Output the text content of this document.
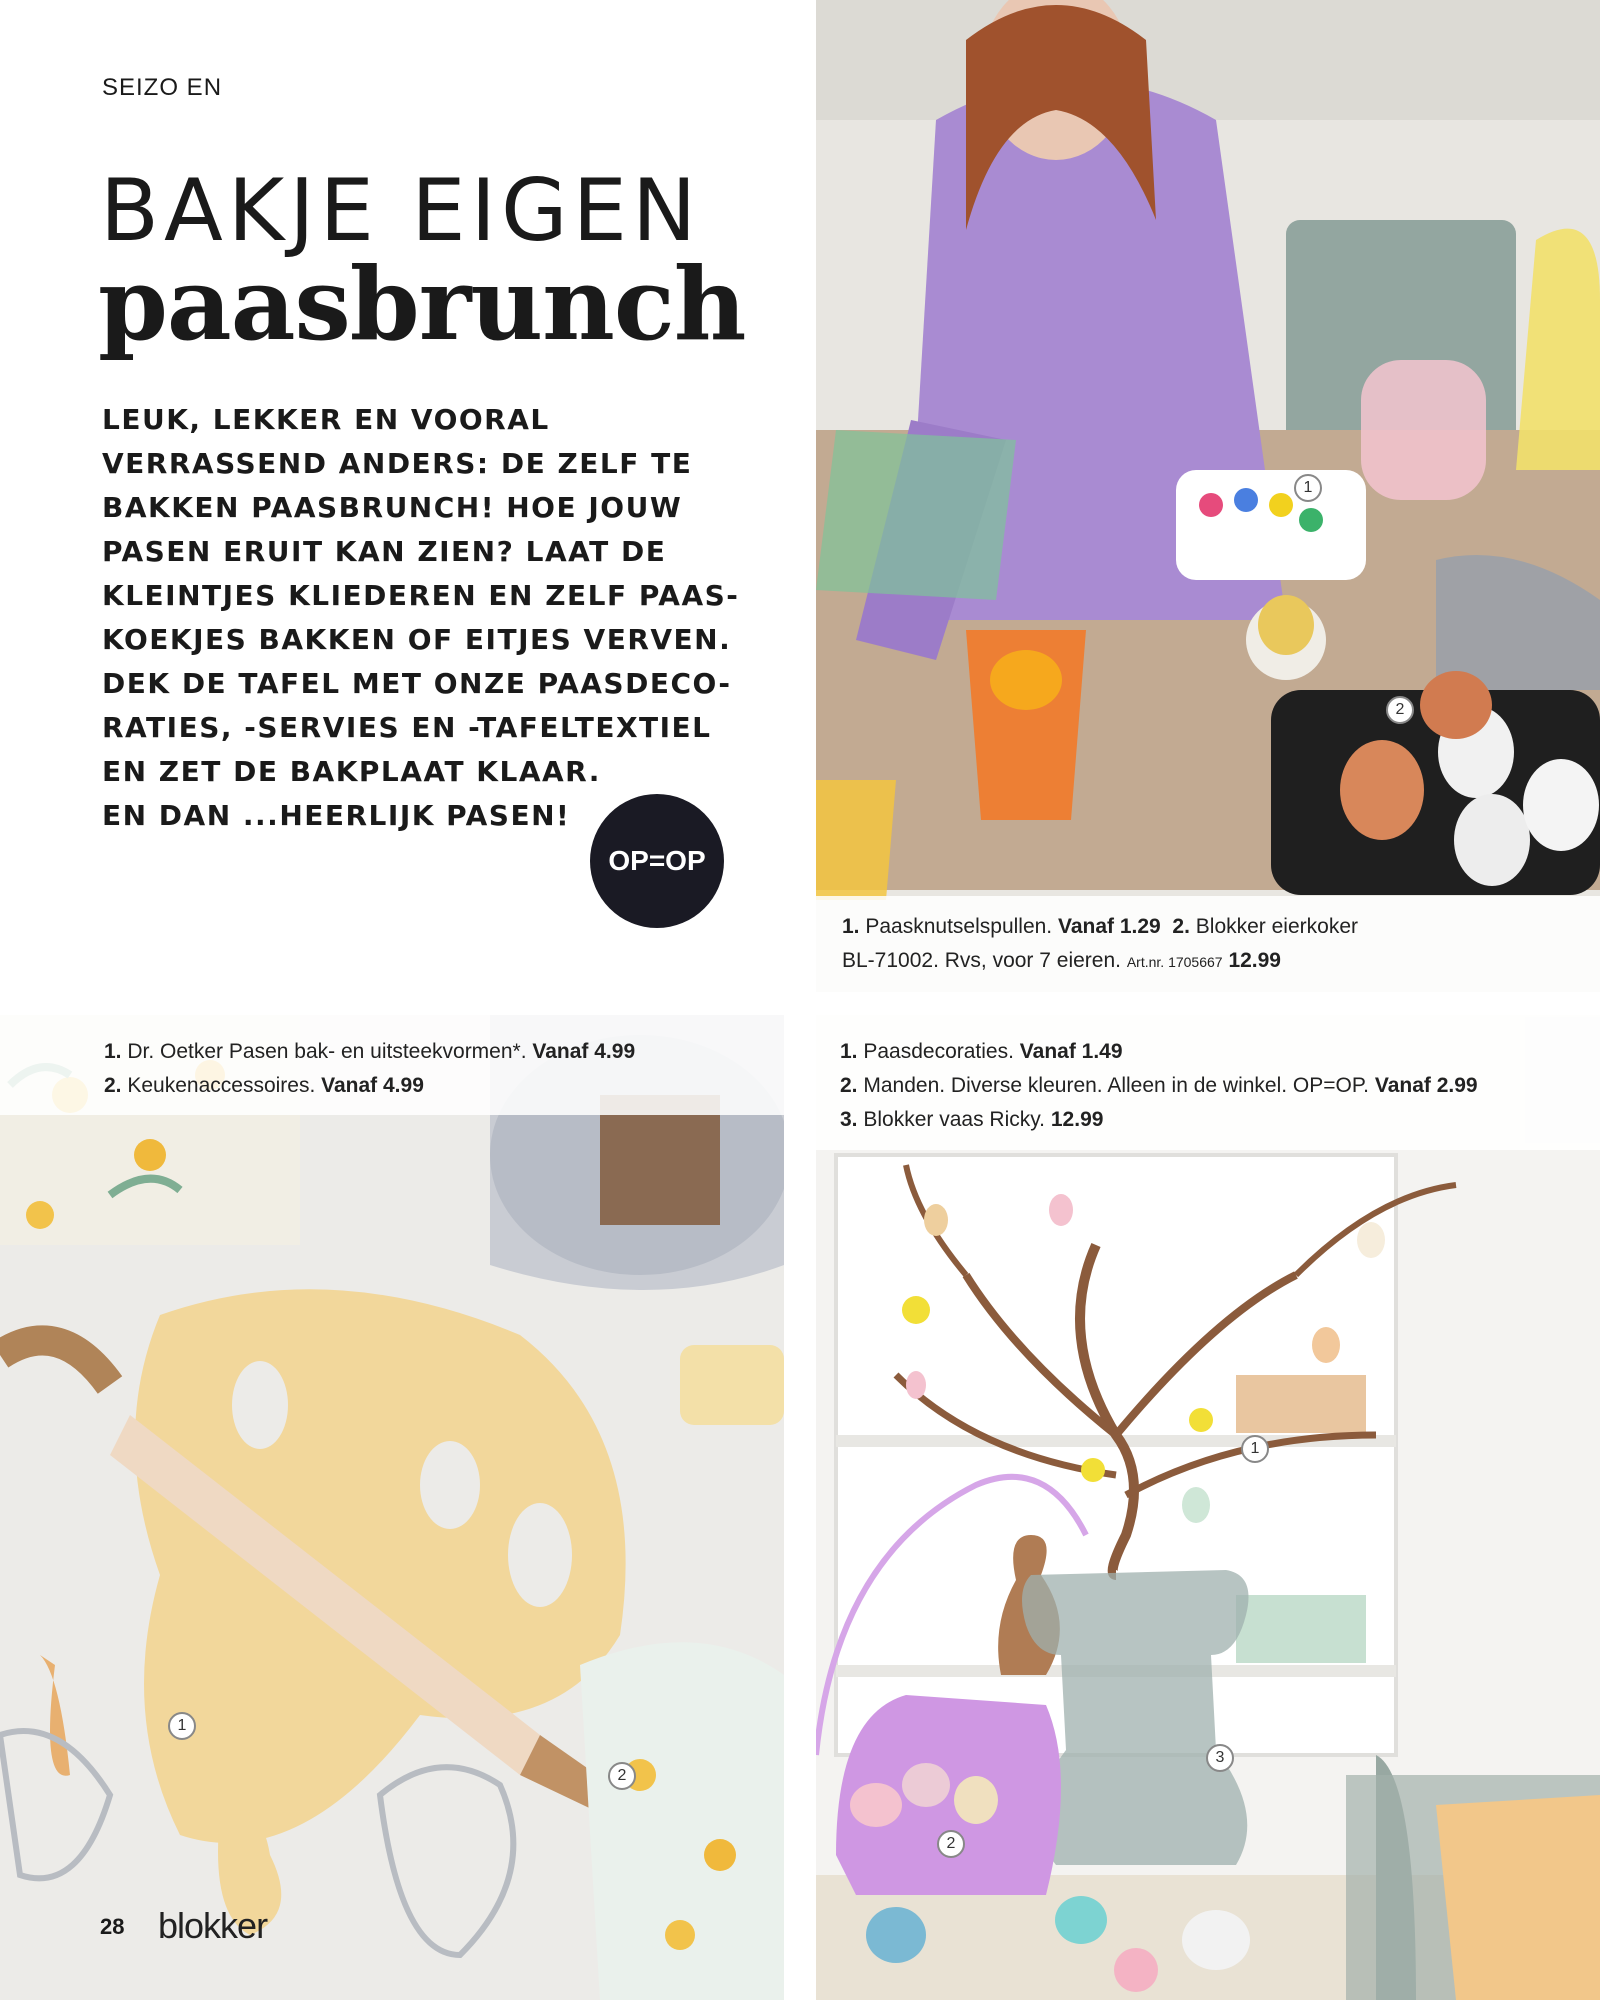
SEIZO EN
BAKJE EIGEN
paasbrunch
LEUK, LEKKER EN VOORAL
VERRASSEND ANDERS: DE ZELF TE
BAKKEN PAASBRUNCH! HOE JOUW
PASEN ERUIT KAN ZIEN? LAAT DE
KLEINTJES KLIEDEREN EN ZELF PAAS-
KOEKJES BAKKEN OF EITJES VERVEN.
DEK DE TAFEL MET ONZE PAASDECO-
RATIES, -SERVIES EN -TAFELTEXTIEL
EN ZET DE BAKPLAAT KLAAR.
EN DAN ...HEERLIJK PASEN!
OP=OP
1
2
1. Paasknutselspullen. Vanaf 1.29 2. Blokker eierkoker
BL-71002. Rvs, voor 7 eieren. Art.nr. 1705667 12.99
1
2
1. Dr. Oetker Pasen bak- en uitsteekvormen*. Vanaf 4.99
2. Keukenaccessoires. Vanaf 4.99
28 blokker
1
2
3
1. Paasdecoraties. Vanaf 1.49
2. Manden. Diverse kleuren. Alleen in de winkel. OP=OP. Vanaf 2.99
3. Blokker vaas Ricky. 12.99
